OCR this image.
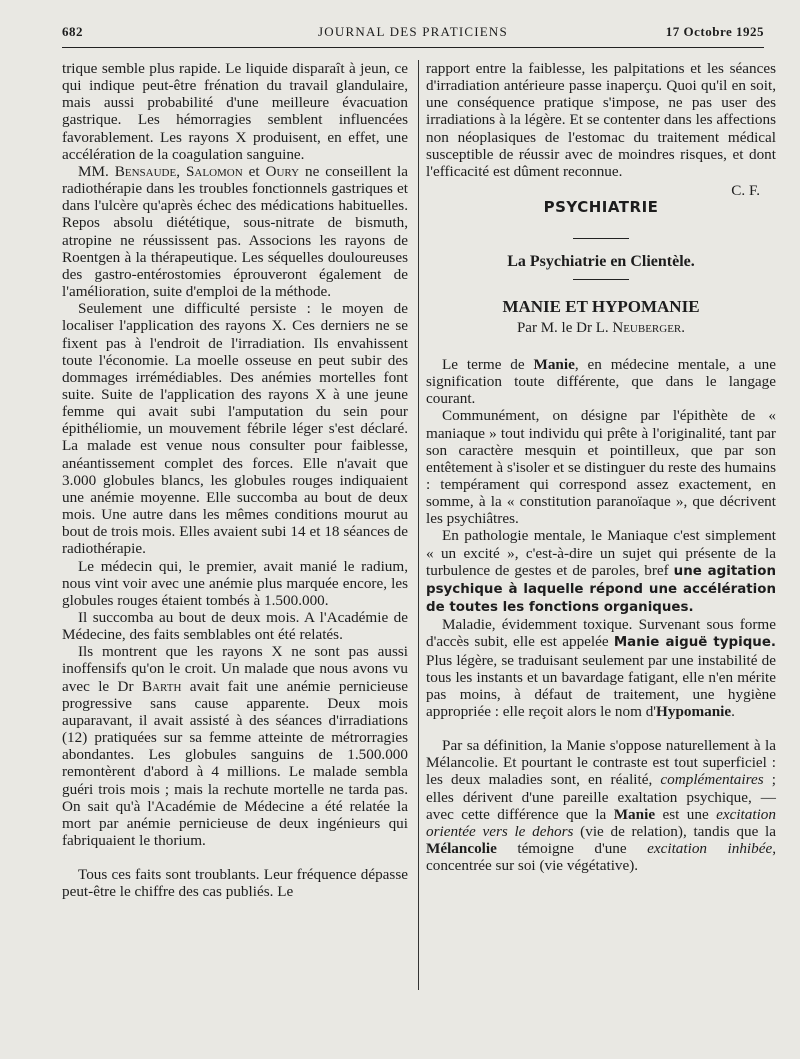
682	JOURNAL DES PRATICIENS	17 Octobre 1925

trique semble plus rapide. Le liquide disparaît à jeun, ce qui indique peut-être frénation du travail glandulaire, mais aussi probabilité d'une meilleure évacuation gastrique. Les hémorragies semblent influencées favorablement. Les rayons X produisent, en effet, une accélération de la coagulation sanguine.

MM. Bensaude, Salomon et Oury ne conseillent la radiothérapie dans les troubles fonctionnels gastriques et dans l'ulcère qu'après échec des médications habituelles. Repos absolu diététique, sous-nitrate de bismuth, atropine ne réussissent pas. Associons les rayons de Roentgen à la thérapeutique. Les séquelles douloureuses des gastro-entérostomies éprouveront également de l'amélioration, suite d'emploi de la méthode.

Seulement une difficulté persiste : le moyen de localiser l'application des rayons X. Ces derniers ne se fixent pas à l'endroit de l'irradiation. Ils envahissent toute l'économie. La moelle osseuse en peut subir des dommages irrémédiables. Des anémies mortelles font suite. Suite de l'application des rayons X à une jeune femme qui avait subi l'amputation du sein pour épithéliomie, un mouvement fébrile léger s'est déclaré. La malade est venue nous consulter pour faiblesse, anéantissement complet des forces. Elle n'avait que 3.000 globules blancs, les globules rouges indiquaient une anémie moyenne. Elle succomba au bout de deux mois. Une autre dans les mêmes conditions mourut au bout de trois mois. Elles avaient subi 14 et 18 séances de radiothérapie.

Le médecin qui, le premier, avait manié le radium, nous vint voir avec une anémie plus marquée encore, les globules rouges étaient tombés à 1.500.000.

Il succomba au bout de deux mois. A l'Académie de Médecine, des faits semblables ont été relatés.

Ils montrent que les rayons X ne sont pas aussi inoffensifs qu'on le croit. Un malade que nous avons vu avec le Dr Barth avait fait une anémie pernicieuse progressive sans cause apparente. Deux mois auparavant, il avait assisté à des séances d'irradiations (12) pratiquées sur sa femme atteinte de métrorragies abondantes. Les globules sanguins de 1.500.000 remontèrent d'abord à 4 millions. Le malade sembla guéri trois mois ; mais la rechute mortelle ne tarda pas. On sait qu'à l'Académie de Médecine a été relatée la mort par anémie pernicieuse de deux ingénieurs qui fabriquaient le thorium.

Tous ces faits sont troublants. Leur fréquence dépasse peut-être le chiffre des cas publiés. Le

rapport entre la faiblesse, les palpitations et les séances d'irradiation antérieure passe inaperçu. Quoi qu'il en soit, une conséquence pratique s'impose, ne pas user des irradiations à la légère. Et se contenter dans les affections non néoplasiques de l'estomac du traitement médical susceptible de réussir avec de moindres risques, et dont l'efficacité est dûment reconnue.

C. F.

PSYCHIATRIE

La Psychiatrie en Clientèle.

MANIE ET HYPOMANIE

Par M. le Dr L. Neuberger.

Le terme de Manie, en médecine mentale, a une signification toute différente, que dans le langage courant.

Communément, on désigne par l'épithète de « maniaque » tout individu qui prête à l'originalité, tant par son caractère mesquin et pointilleux, que par son entêtement à s'isoler et se distinguer du reste des humains : tempérament qui correspond assez exactement, en somme, à la « constitution paranoïaque », que décrivent les psychiâtres.

En pathologie mentale, le Maniaque c'est simplement « un excité », c'est-à-dire un sujet qui présente de la turbulence de gestes et de paroles, bref une agitation psychique à laquelle répond une accélération de toutes les fonctions organiques.

Maladie, évidemment toxique. Survenant sous forme d'accès subit, elle est appelée Manie aiguë typique. Plus légère, se traduisant seulement par une instabilité de tous les instants et un bavardage fatigant, elle n'en mérite pas moins, à défaut de traitement, une hygiène appropriée : elle reçoit alors le nom d'Hypomanie.

Par sa définition, la Manie s'oppose naturellement à la Mélancolie. Et pourtant le contraste est tout superficiel : les deux maladies sont, en réalité, complémentaires ; elles dérivent d'une pareille exaltation psychique, — avec cette différence que la Manie est une excitation orientée vers le dehors (vie de relation), tandis que la Mélancolie témoigne d'une excitation inhibée, concentrée sur soi (vie végétative).
